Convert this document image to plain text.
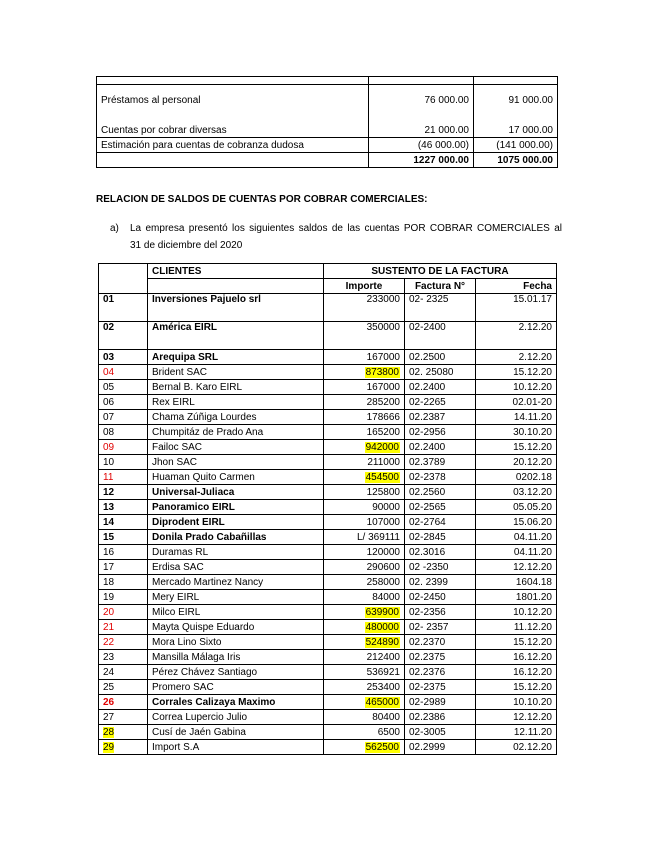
Préstamos al personal	76 000.00	91 000.00

Cuentas por cobrar diversas	21 000.00	17 000.00
Estimación para cuentas de cobranza dudosa	(46 000.00)	(141 000.00)
	1227 000.00	1075 000.00
RELACION DE SALDOS DE CUENTAS POR COBRAR COMERCIALES:
a) La empresa presentó los siguientes saldos de las cuentas POR COBRAR COMERCIALES al
31 de diciembre del 2020
	CLIENTES	SUSTENTO DE LA FACTURA		
		Importe	Factura N°	Fecha
01	Inversiones Pajuelo srl	233000	02- 2325	15.01.17
02	América EIRL	350000	02-2400	2.12.20
03	Arequipa SRL	167000	02.2500	2.12.20
04	Brident SAC	873800	02. 25080	15.12.20
05	Bernal B. Karo EIRL	167000	02.2400	10.12.20
06	Rex EIRL	285200	02-2265	02.01-20
07	Chama Zúñiga Lourdes	178666	02.2387	14.11.20
08	Chumpitáz de Prado Ana	165200	02-2956	30.10.20
09	Failoc SAC	942000	02.2400	15.12.20
10	Jhon SAC	211000	02.3789	20.12.20
11	Huaman Quito Carmen	454500	02-2378	0202.18
12	Universal-Juliaca	125800	02.2560	03.12.20
13	Panoramico EIRL	90000	02-2565	05.05.20
14	Diprodent EIRL	107000	02-2764	15.06.20
15	Donila Prado Cabañillas	L/ 369111	02-2845	04.11.20
16	Duramas RL	120000	02.3016	04.11.20
17	Erdisa SAC	290600	02 -2350	12.12.20
18	Mercado Martinez Nancy	258000	02. 2399	1604.18
19	Mery EIRL	84000	02-2450	1801.20
20	Milco EIRL	639900	02-2356	10.12.20
21	Mayta Quispe Eduardo	480000	02- 2357	11.12.20
22	Mora Lino Sixto	524890	02.2370	15.12.20
23	Mansilla Málaga Iris	212400	02.2375	16.12.20
24	Pérez Chávez Santiago	536921	02.2376	16.12.20
25	Promero SAC	253400	02-2375	15.12.20
26	Corrales Calizaya Maximo	465000	02-2989	10.10.20
27	Correa Lupercio Julio	80400	02.2386	12.12.20
28	Cusí de Jaén Gabina	6500	02-3005	12.11.20
29	Import S.A	562500	02.2999	02.12.20
